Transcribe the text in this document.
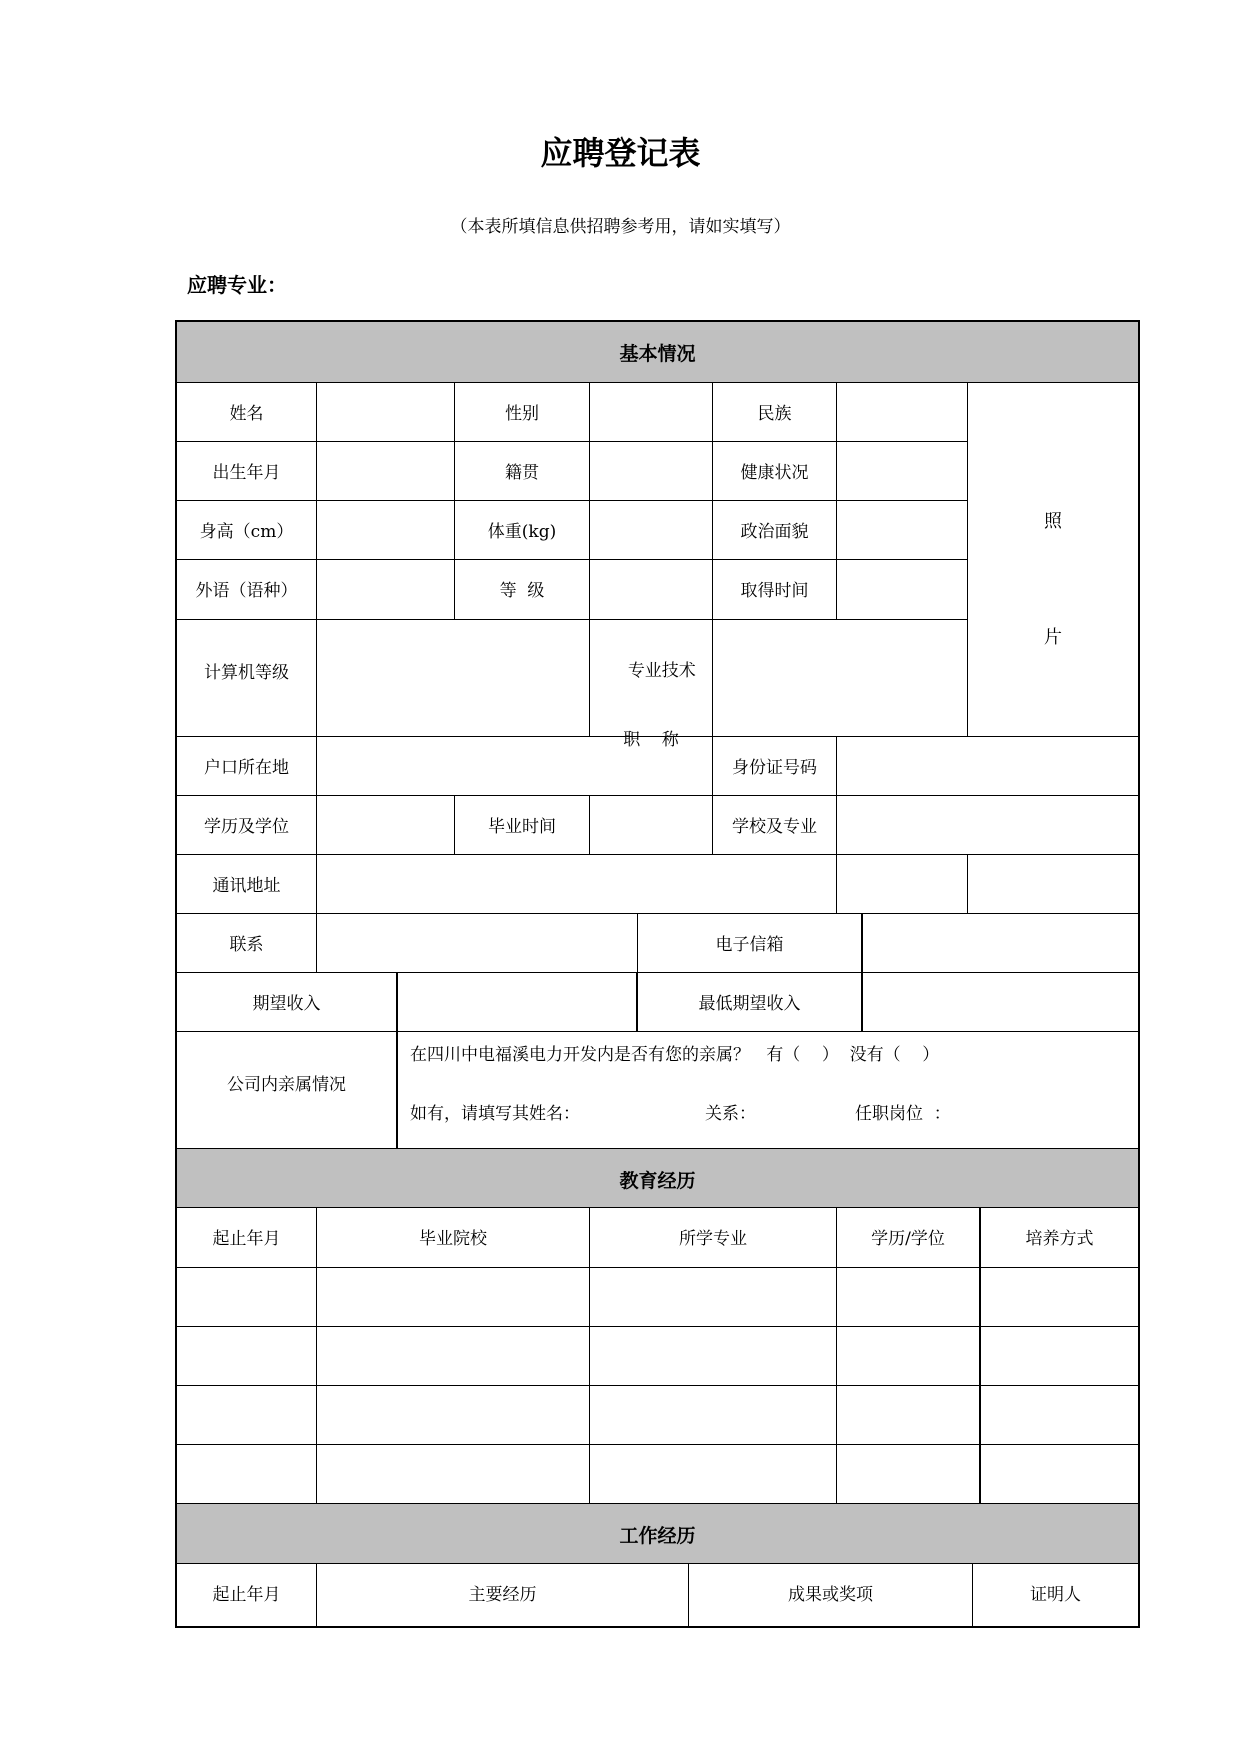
应聘登记表
（本表所填信息供招聘参考用，请如实填写）
应聘专业：
基本情况
姓名	性别	民族
照
片
出生年月	籍贯	健康状况
身高（cm）	体重(kg)	政治面貌
外语（语种）	等  级	取得时间
计算机等级	专业技术

职    称

户口所在地	身份证号码
学历及学位	毕业时间	学校及专业
通讯地址
联系	电子信箱
期望收入	最低期望收入
公司内亲属情况
在四川中电福溪电力开发内是否有您的亲属？   有（    ）  没有（    ）
如有，请填写其姓名：	关系：	任职岗位  ：
教育经历
起止年月	毕业院校	所学专业	学历/学位	培养方式
工作经历
起止年月	主要经历	成果或奖项	证明人
